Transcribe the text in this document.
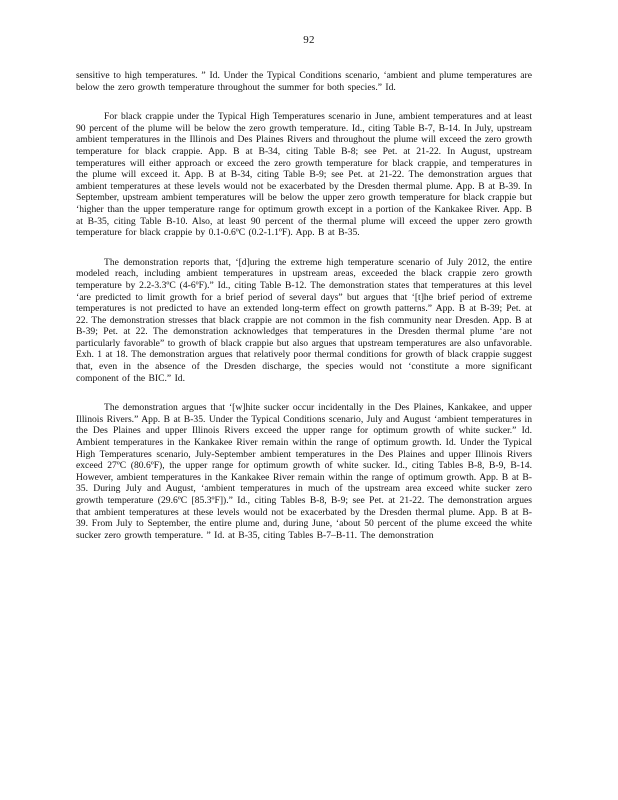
92

sensitive to high temperatures. ” Id. Under the Typical Conditions scenario, ‘ambient and plume temperatures are below the zero growth temperature throughout the summer for both species.” Id.

For black crappie under the Typical High Temperatures scenario in June, ambient temperatures and at least 90 percent of the plume will be below the zero growth temperature. Id., citing Table B-7, B-14. In July, upstream ambient temperatures in the Illinois and Des Plaines Rivers and throughout the plume will exceed the zero growth temperature for black crappie. App. B at B-34, citing Table B-8; see Pet. at 21-22. In August, upstream temperatures will either approach or exceed the zero growth temperature for black crappie, and temperatures in the plume will exceed it. App. B at B-34, citing Table B-9; see Pet. at 21-22. The demonstration argues that ambient temperatures at these levels would not be exacerbated by the Dresden thermal plume. App. B at B-39. In September, upstream ambient temperatures will be below the upper zero growth temperature for black crappie but ‘higher than the upper temperature range for optimum growth except in a portion of the Kankakee River. App. B at B-35, citing Table B-10. Also, at least 90 percent of the thermal plume will exceed the upper zero growth temperature for black crappie by 0.1-0.6ºC (0.2-1.1ºF). App. B at B-35.

The demonstration reports that, ‘[d]uring the extreme high temperature scenario of July 2012, the entire modeled reach, including ambient temperatures in upstream areas, exceeded the black crappie zero growth temperature by 2.2-3.3ºC (4-6ºF).” Id., citing Table B-12. The demonstration states that temperatures at this level ‘are predicted to limit growth for a brief period of several days” but argues that ‘[t]he brief period of extreme temperatures is not predicted to have an extended long-term effect on growth patterns.” App. B at B-39; Pet. at 22. The demonstration stresses that black crappie are not common in the fish community near Dresden. App. B at B-39; Pet. at 22. The demonstration acknowledges that temperatures in the Dresden thermal plume ‘are not particularly favorable” to growth of black crappie but also argues that upstream temperatures are also unfavorable. Exh. 1 at 18. The demonstration argues that relatively poor thermal conditions for growth of black crappie suggest that, even in the absence of the Dresden discharge, the species would not ‘constitute a more significant component of the BIC.” Id.

The demonstration argues that ‘[w]hite sucker occur incidentally in the Des Plaines, Kankakee, and upper Illinois Rivers.” App. B at B-35. Under the Typical Conditions scenario, July and August ‘ambient temperatures in the Des Plaines and upper Illinois Rivers exceed the upper range for optimum growth of white sucker.” Id. Ambient temperatures in the Kankakee River remain within the range of optimum growth. Id. Under the Typical High Temperatures scenario, July-September ambient temperatures in the Des Plaines and upper Illinois Rivers exceed 27ºC (80.6ºF), the upper range for optimum growth of white sucker. Id., citing Tables B-8, B-9, B-14. However, ambient temperatures in the Kankakee River remain within the range of optimum growth. App. B at B-35. During July and August, ‘ambient temperatures in much of the upstream area exceed white sucker zero growth temperature (29.6ºC [85.3ºF]).” Id., citing Tables B-8, B-9; see Pet. at 21-22. The demonstration argues that ambient temperatures at these levels would not be exacerbated by the Dresden thermal plume. App. B at B-39. From July to September, the entire plume and, during June, ‘about 50 percent of the plume exceed the white sucker zero growth temperature. ” Id. at B-35, citing Tables B-7–B-11. The demonstration
